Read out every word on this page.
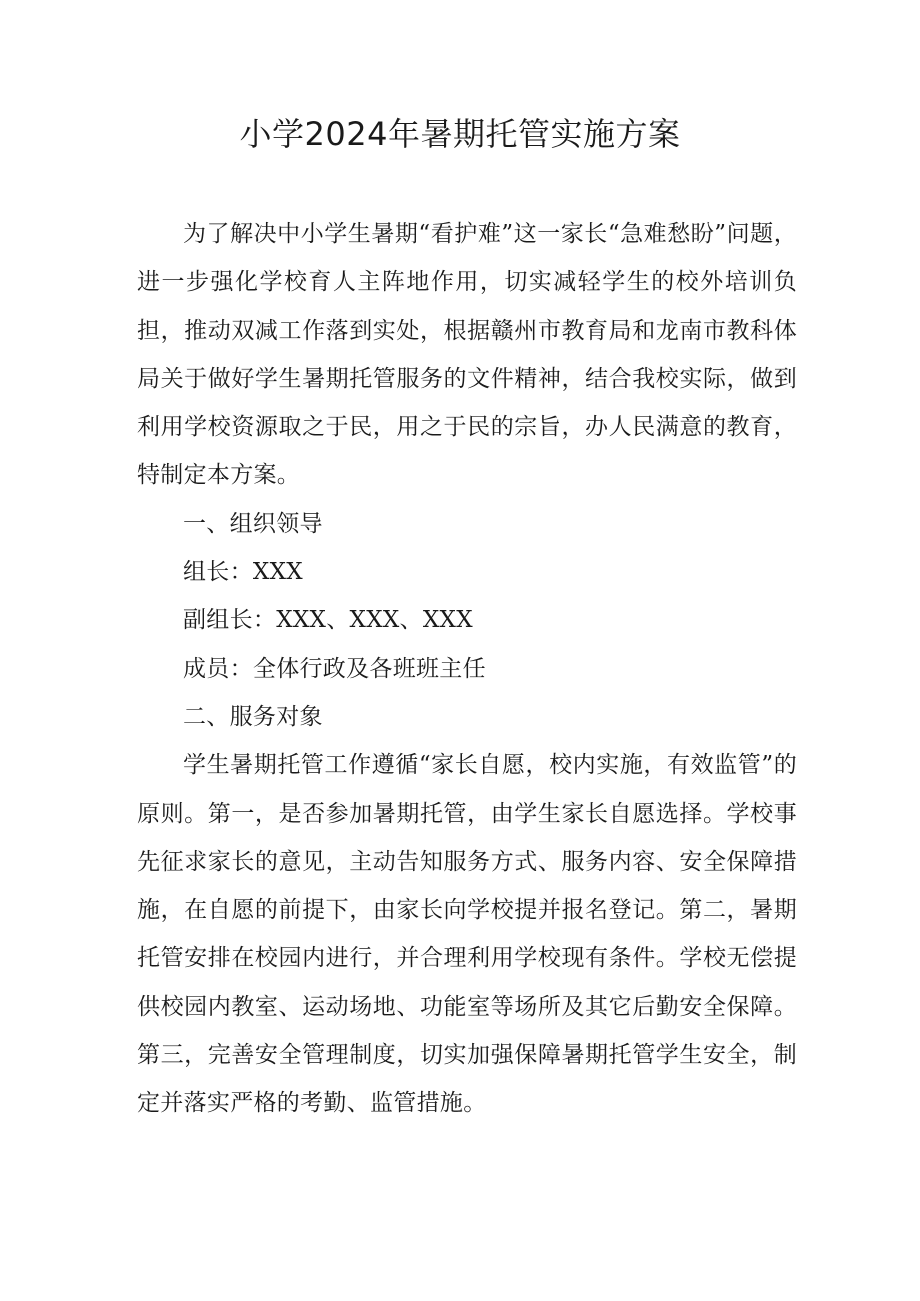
小学2024年暑期托管实施方案

为了解决中小学生暑期“看护难”这一家长“急难愁盼”问题，进一步强化学校育人主阵地作用，切实减轻学生的校外培训负担，推动双减工作落到实处，根据赣州市教育局和龙南市教科体局关于做好学生暑期托管服务的文件精神，结合我校实际，做到利用学校资源取之于民，用之于民的宗旨，办人民满意的教育，特制定本方案。

一、组织领导

组长：XXX

副组长：XXX、XXX、XXX

成员：全体行政及各班班主任

二、服务对象

学生暑期托管工作遵循“家长自愿，校内实施，有效监管”的原则。第一，是否参加暑期托管，由学生家长自愿选择。学校事先征求家长的意见，主动告知服务方式、服务内容、安全保障措施，在自愿的前提下，由家长向学校提并报名登记。第二，暑期托管安排在校园内进行，并合理利用学校现有条件。学校无偿提供校园内教室、运动场地、功能室等场所及其它后勤安全保障。第三，完善安全管理制度，切实加强保障暑期托管学生安全，制定并落实严格的考勤、监管措施。
